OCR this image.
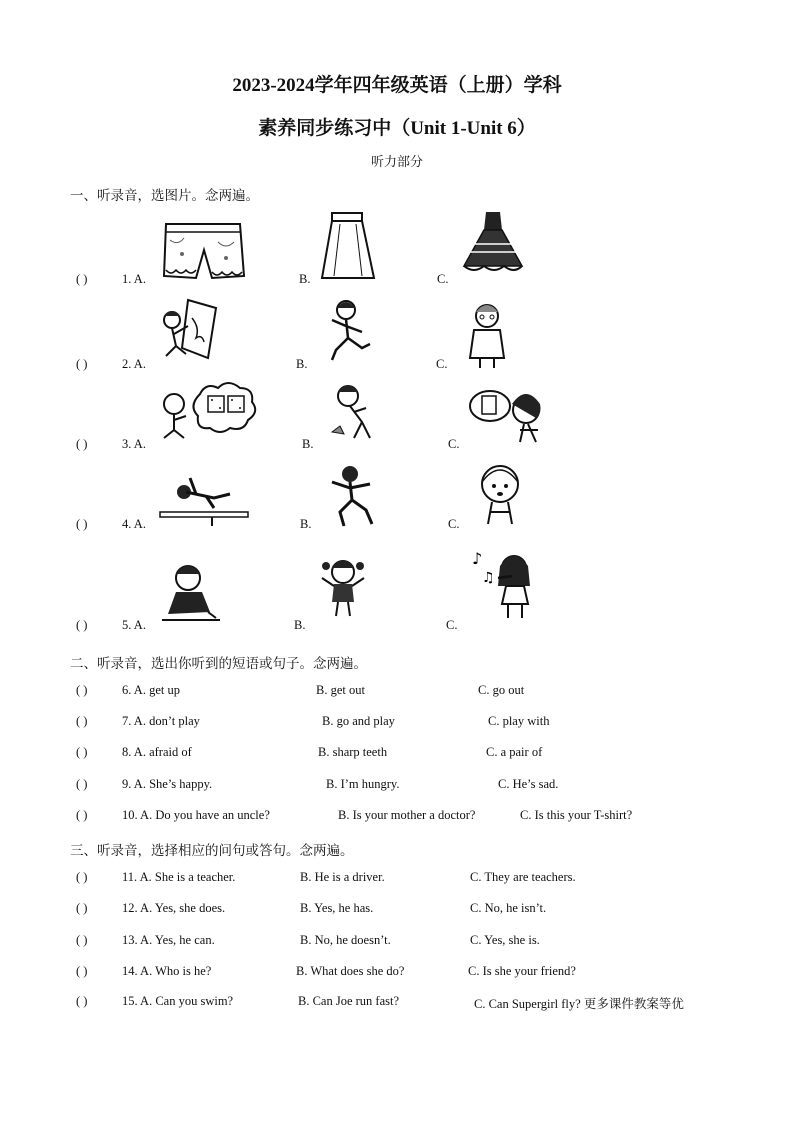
2023-2024学年四年级英语（上册）学科
素养同步练习中（Unit 1-Unit 6）
听力部分
一、听录音，选图片。念两遍。
( )	1. A.	B.	C.
( )	2. A.	B.	C.
( )	3. A.	B.	C.
( )	4. A.	B.	C.
( )	5. A.	B.	C.
♪
♫
二、听录音，选出你听到的短语或句子。念两遍。
( )	6. A. get up	B. get out	C. go out
( )	7. A. don’t play	B. go and play	C. play with
( )	8. A. afraid of	B. sharp teeth	C. a pair of
( )	9. A. She’s happy.	B. I’m hungry.	C. He’s sad.
( )	10. A. Do you have an uncle?	B. Is your mother a doctor?	C. Is this your T-shirt?
三、听录音，选择相应的问句或答句。念两遍。
( )	11. A. She is a teacher.	B. He is a driver.	C. They are teachers.
( )	12. A. Yes, she does.	B. Yes, he has.	C. No, he isn’t.
( )	13. A. Yes, he can.	B. No, he doesn’t.	C. Yes, she is.
( )	14. A. Who is he?	B. What does she do?	C. Is she your friend?
( )	15. A. Can you swim?	B. Can Joe run fast?	C. Can Supergirl fly? 更多课件教案等优
